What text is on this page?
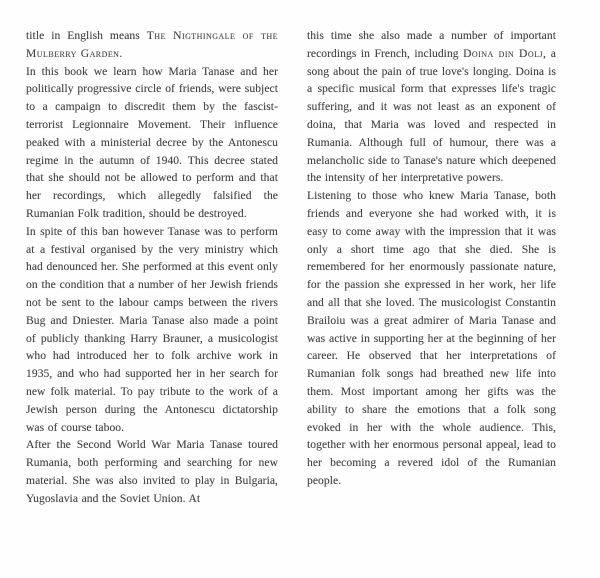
title in English means The Nigthingale of the Mulberry Garden.

In this book we learn how Maria Tanase and her politically progressive circle of friends, were subject to a campaign to discredit them by the fascist-terrorist Legionnaire Movement. Their influence peaked with a ministerial decree by the Antonescu regime in the autumn of 1940. This decree stated that she should not be allowed to perform and that her recordings, which allegedly falsified the Rumanian Folk tradition, should be destroyed.

In spite of this ban however Tanase was to perform at a festival organised by the very ministry which had denounced her. She performed at this event only on the condition that a number of her Jewish friends not be sent to the labour camps between the rivers Bug and Dniester. Maria Tanase also made a point of publicly thanking Harry Brauner, a musicologist who had introduced her to folk archive work in 1935, and who had supported her in her search for new folk material. To pay tribute to the work of a Jewish person during the Antonescu dictatorship was of course taboo.

After the Second World War Maria Tanase toured Rumania, both performing and searching for new material. She was also invited to play in Bulgaria, Yugoslavia and the Soviet Union. At

this time she also made a number of important recordings in French, including Doina din Dolj, a song about the pain of true love's longing. Doina is a specific musical form that expresses life's tragic suffering, and it was not least as an exponent of doina, that Maria was loved and respected in Rumania. Although full of humour, there was a melancholic side to Tanase's nature which deepened the intensity of her interpretative powers.

Listening to those who knew Maria Tanase, both friends and everyone she had worked with, it is easy to come away with the impression that it was only a short time ago that she died. She is remembered for her enormously passionate nature, for the passion she expressed in her work, her life and all that she loved. The musicologist Constantin Brailoiu was a great admirer of Maria Tanase and was active in supporting her at the beginning of her career. He observed that her interpretations of Rumanian folk songs had breathed new life into them. Most important among her gifts was the ability to share the emotions that a folk song evoked in her with the whole audience. This, together with her enormous personal appeal, lead to her becoming a revered idol of the Rumanian people.
